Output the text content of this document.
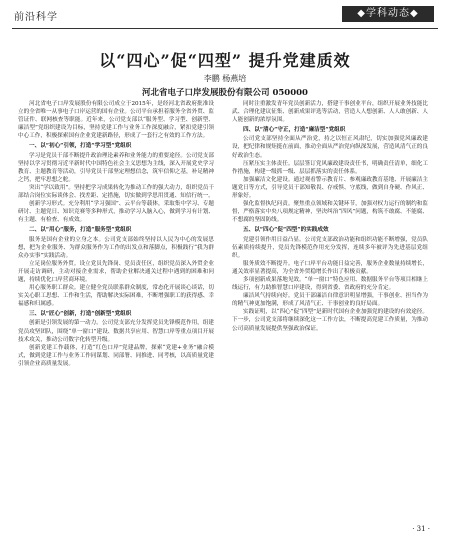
前沿科学	◆学科动态◆
以“四心”促“四型” 提升党建质效
李鹏 杨燕培
河北省电子口岸发展股份有限公司 050000

河北省电子口岸发展股份有限公司成立于2015年，是经河北省政府批准设立的全省唯一从事电子口岸运营的国有企业。公司平台承担着服务全省外贸、监管证件、联网核查等职能。近年来，公司党支部以“服务型、学习型、创新型、廉洁型”党组织建设为目标，坚持党建工作与业务工作深度融合，紧扣党建引领中心工作，积极探索国有企业党建新路径，形成了一套行之有效的工作方法。

一、以“初心”引领，打造“学习型”党组织

学习是党员干部不断提升政治理论素养和业务能力的重要途径。公司党支部坚持以学习贯彻习近平新时代中国特色社会主义思想为主线，深入开展党史学习教育、主题教育等活动，引导党员干部坚定理想信念，筑牢信仰之基，补足精神之钙，把牢思想之舵。

突出“学以致用”。坚持把学习成果转化为推动工作的强大动力，组织党员干部结合岗位实际谈体会、找差距、定措施，切实做到学思用贯通、知信行统一。

创新学习形式。充分利用“学习强国”、云平台等载体，采取集中学习、专题研讨、主题党日、知识竞赛等多种形式，推动学习入脑入心，做到学习有计划、有主题、有检查、有成效。

二、以“用心”服务，打造“服务型”党组织

服务是国有企业的立身之本。公司党支部始终坚持以人民为中心的发展思想，把为企业服务、为群众服务作为工作的出发点和落脚点，积极践行“我为群众办实事”实践活动。

立足岗位服务外贸。设立党员先锋岗、党员责任区，组织党员深入外贸企业开展走访调研，主动对接企业需求，帮助企业解决通关过程中遇到的困难和问题，持续优化口岸营商环境。

用心服务职工群众。建立健全党员联系群众制度，常态化开展谈心谈话，切实关心职工思想、工作和生活，帮助解决实际困难，不断增强职工的获得感、幸福感和归属感。

三、以“匠心”创新，打造“创新型”党组织

创新是引领发展的第一动力。公司党支部充分发挥党员先锋模范作用，组建党员攻坚团队，围绕“单一窗口”建设、数据共享应用、智慧口岸等重点项目开展技术攻关，推动公司数字化转型升级。

创新党建工作载体，打造“红色口岸”党建品牌，探索“党建+业务”融合模式，做到党建工作与业务工作同谋划、同部署、同推进、同考核，以高质量党建引领企业高质量发展。

同时注重激发青年党员创新活力，搭建干事创业平台，组织开展业务技能比武、合理化建议征集、创新成果评选等活动，营造人人想创新、人人敢创新、人人能创新的浓厚氛围。

四、以“清心”守正，打造“廉洁型”党组织

公司党支部坚持全面从严治党，持之以恒正风肃纪，切实加强党风廉政建设，把纪律和规矩挺在前面，推动全面从严治党向纵深发展，营造风清气正的良好政治生态。

压紧压实主体责任。层层签订党风廉政建设责任书，明确责任清单，细化工作措施，构建一级抓一级、层层抓落实的责任体系。

加强廉洁文化建设。通过观看警示教育片、参观廉政教育基地、开展廉洁主题党日等方式，引导党员干部知敬畏、存戒惧、守底线，做到自身硬、作风正、形象好。

强化监督执纪问责。聚焦重点领域和关键环节，加强对权力运行的制约和监督，严格落实中央八项规定精神，坚决纠治“四风”问题，构筑不敢腐、不能腐、不想腐的坚固防线。

五、以“四心”促“四型”的实践成效

党建引领作用日益凸显。公司党支部政治功能和组织功能不断增强，党员队伍素质持续提升，党员先锋模范作用充分发挥，连续多年被评为先进基层党组织。

服务质效不断提升。电子口岸平台功能日益完善，服务企业数量持续增长，通关效率显著提高，为全省外贸稳增长作出了积极贡献。

多项创新成果落地见效。“单一窗口”特色应用、数据服务平台等项目相继上线运行，有力助推智慧口岸建设，得到省委、省政府的充分肯定。

廉洁风气持续向好。党员干部廉洁自律意识明显增强，干事创业、担当作为的精气神更加饱满，形成了风清气正、干事创业的良好局面。

实践证明，以“四心”促“四型”是新时代国有企业加强党的建设的有效途径。下一步，公司党支部将继续深化这一工作方法，不断提高党建工作质量，为推动公司高质量发展提供坚强政治保证。

· 31 ·
